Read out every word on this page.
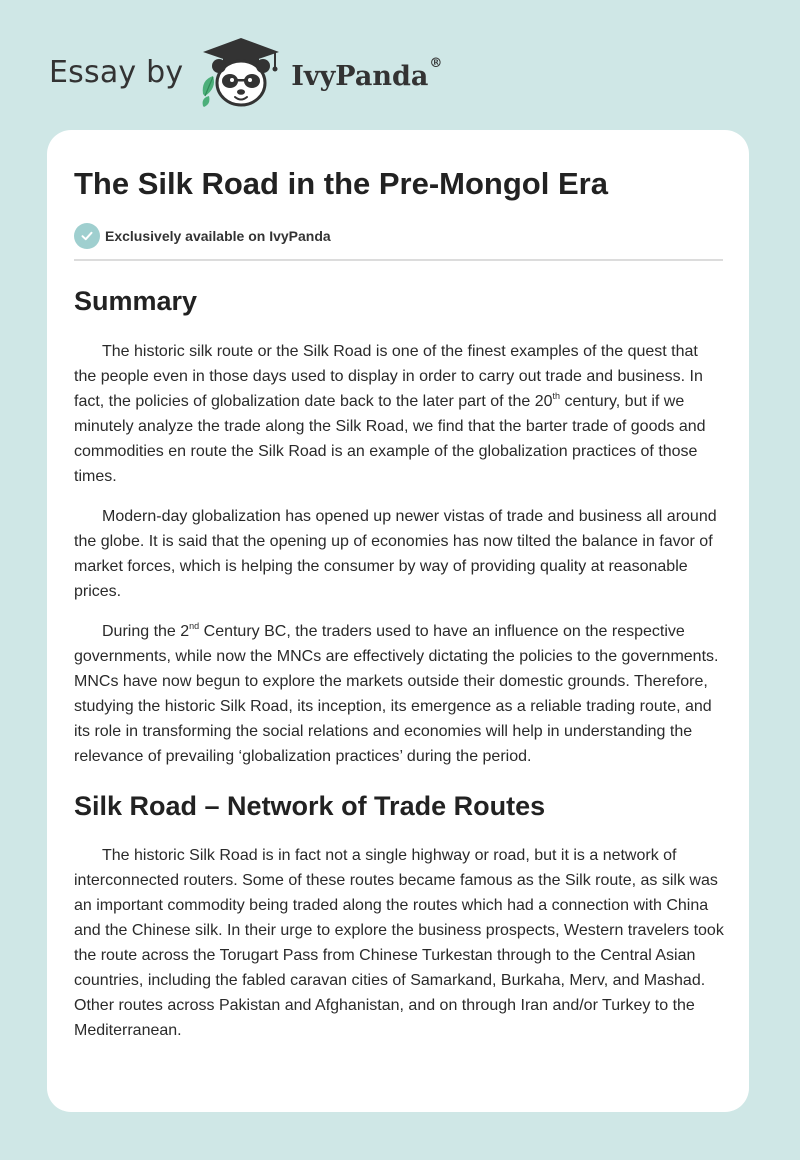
Essay by	IvyPanda®
The Silk Road in the Pre-Mongol Era
Exclusively available on IvyPanda
Summary

The historic silk route or the Silk Road is one of the finest examples of the quest that the people even in those days used to display in order to carry out trade and business. In fact, the policies of globalization date back to the later part of the 20th century, but if we minutely analyze the trade along the Silk Road, we find that the barter trade of goods and commodities en route the Silk Road is an example of the globalization practices of those times.

Modern-day globalization has opened up newer vistas of trade and business all around the globe. It is said that the opening up of economies has now tilted the balance in favor of market forces, which is helping the consumer by way of providing quality at reasonable prices.

During the 2nd Century BC, the traders used to have an influence on the respective governments, while now the MNCs are effectively dictating the policies to the governments. MNCs have now begun to explore the markets outside their domestic grounds. Therefore, studying the historic Silk Road, its inception, its emergence as a reliable trading route, and its role in transforming the social relations and economies will help in understanding the relevance of prevailing ‘globalization practices’ during the period.

Silk Road – Network of Trade Routes

The historic Silk Road is in fact not a single highway or road, but it is a network of interconnected routers. Some of these routes became famous as the Silk route, as silk was an important commodity being traded along the routes which had a connection with China and the Chinese silk. In their urge to explore the business prospects, Western travelers took the route across the Torugart Pass from Chinese Turkestan through to the Central Asian countries, including the fabled caravan cities of Samarkand, Burkaha, Merv, and Mashad. Other routes across Pakistan and Afghanistan, and on through Iran and/or Turkey to the Mediterranean.
